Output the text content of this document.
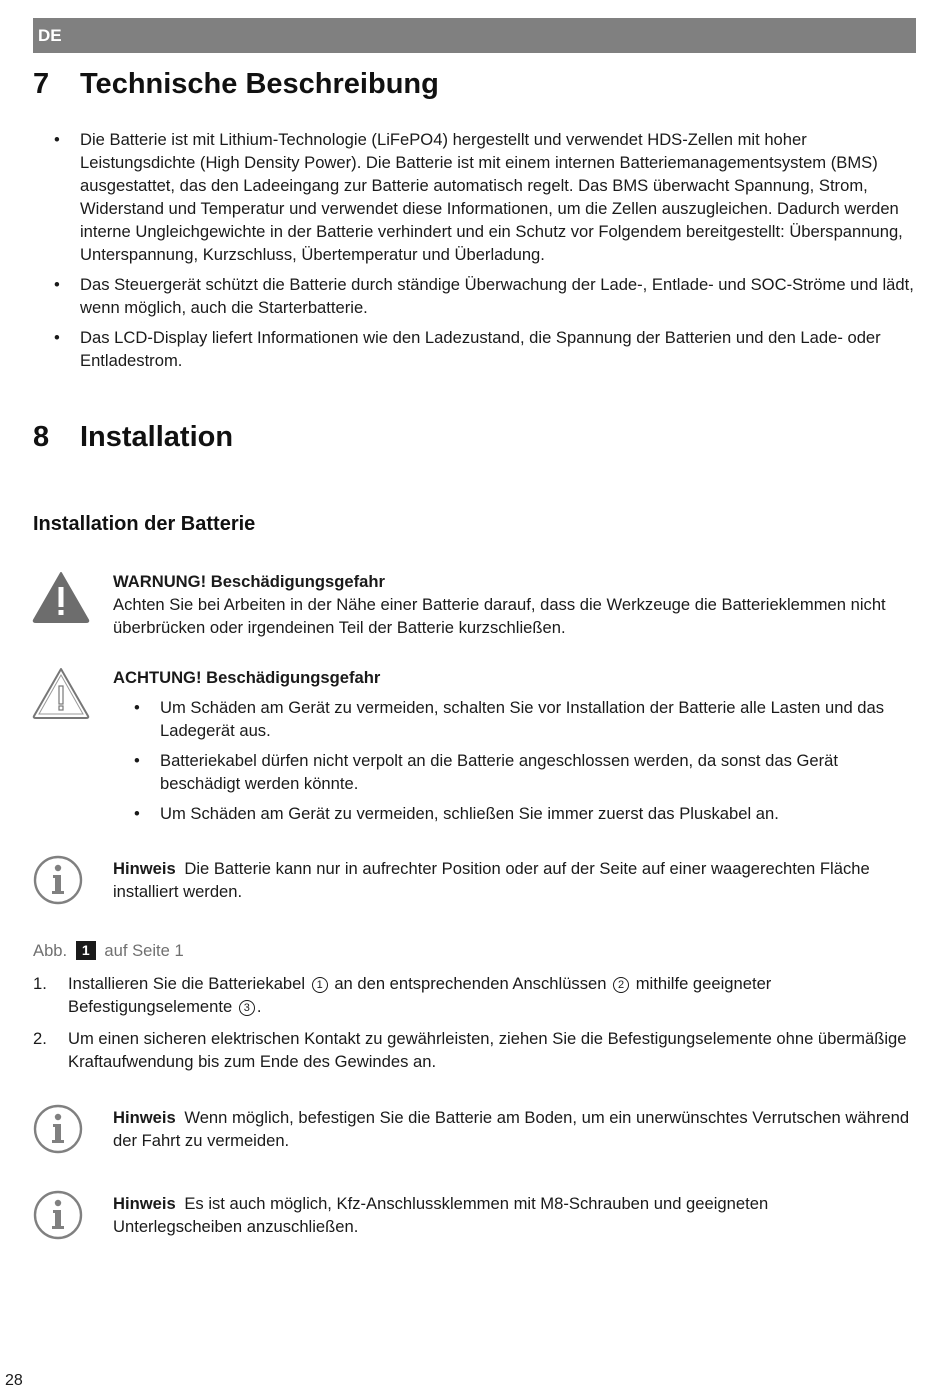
DE
7 Technische Beschreibung
• Die Batterie ist mit Lithium-Technologie (LiFePO4) hergestellt und verwendet HDS-Zellen mit hoher Leistungsdichte (High Density Power). Die Batterie ist mit einem internen Batteriemanagementsystem (BMS) ausgestattet, das den Ladeeingang zur Batterie automatisch regelt. Das BMS überwacht Spannung, Strom, Widerstand und Temperatur und verwendet diese Informationen, um die Zellen auszugleichen. Dadurch werden interne Ungleichgewichte in der Batterie verhindert und ein Schutz vor Folgendem bereitgestellt: Überspannung, Unterspannung, Kurzschluss, Übertemperatur und Überladung.
• Das Steuergerät schützt die Batterie durch ständige Überwachung der Lade-, Entlade- und SOC-Ströme und lädt, wenn möglich, auch die Starterbatterie.
• Das LCD-Display liefert Informationen wie den Ladezustand, die Spannung der Batterien und den Lade- oder Entladestrom.
8 Installation
Installation der Batterie
WARNUNG! Beschädigungsgefahr
Achten Sie bei Arbeiten in der Nähe einer Batterie darauf, dass die Werkzeuge die Batterieklemmen nicht überbrücken oder irgendeinen Teil der Batterie kurzschließen.
ACHTUNG! Beschädigungsgefahr
• Um Schäden am Gerät zu vermeiden, schalten Sie vor Installation der Batterie alle Lasten und das Ladegerät aus.
• Batteriekabel dürfen nicht verpolt an die Batterie angeschlossen werden, da sonst das Gerät beschädigt werden könnte.
• Um Schäden am Gerät zu vermeiden, schließen Sie immer zuerst das Pluskabel an.
Hinweis Die Batterie kann nur in aufrechter Position oder auf der Seite auf einer waagerechten Fläche installiert werden.
Abb. 1 auf Seite 1
1. Installieren Sie die Batteriekabel 1 an den entsprechenden Anschlüssen 2 mithilfe geeigneter Befestigungselemente 3 .
2. Um einen sicheren elektrischen Kontakt zu gewährleisten, ziehen Sie die Befestigungselemente ohne übermäßige Kraftaufwendung bis zum Ende des Gewindes an.
Hinweis Wenn möglich, befestigen Sie die Batterie am Boden, um ein unerwünschtes Verrutschen während der Fahrt zu vermeiden.
Hinweis Es ist auch möglich, Kfz-Anschlussklemmen mit M8-Schrauben und geeigneten Unterlegscheiben anzuschließen.
28
